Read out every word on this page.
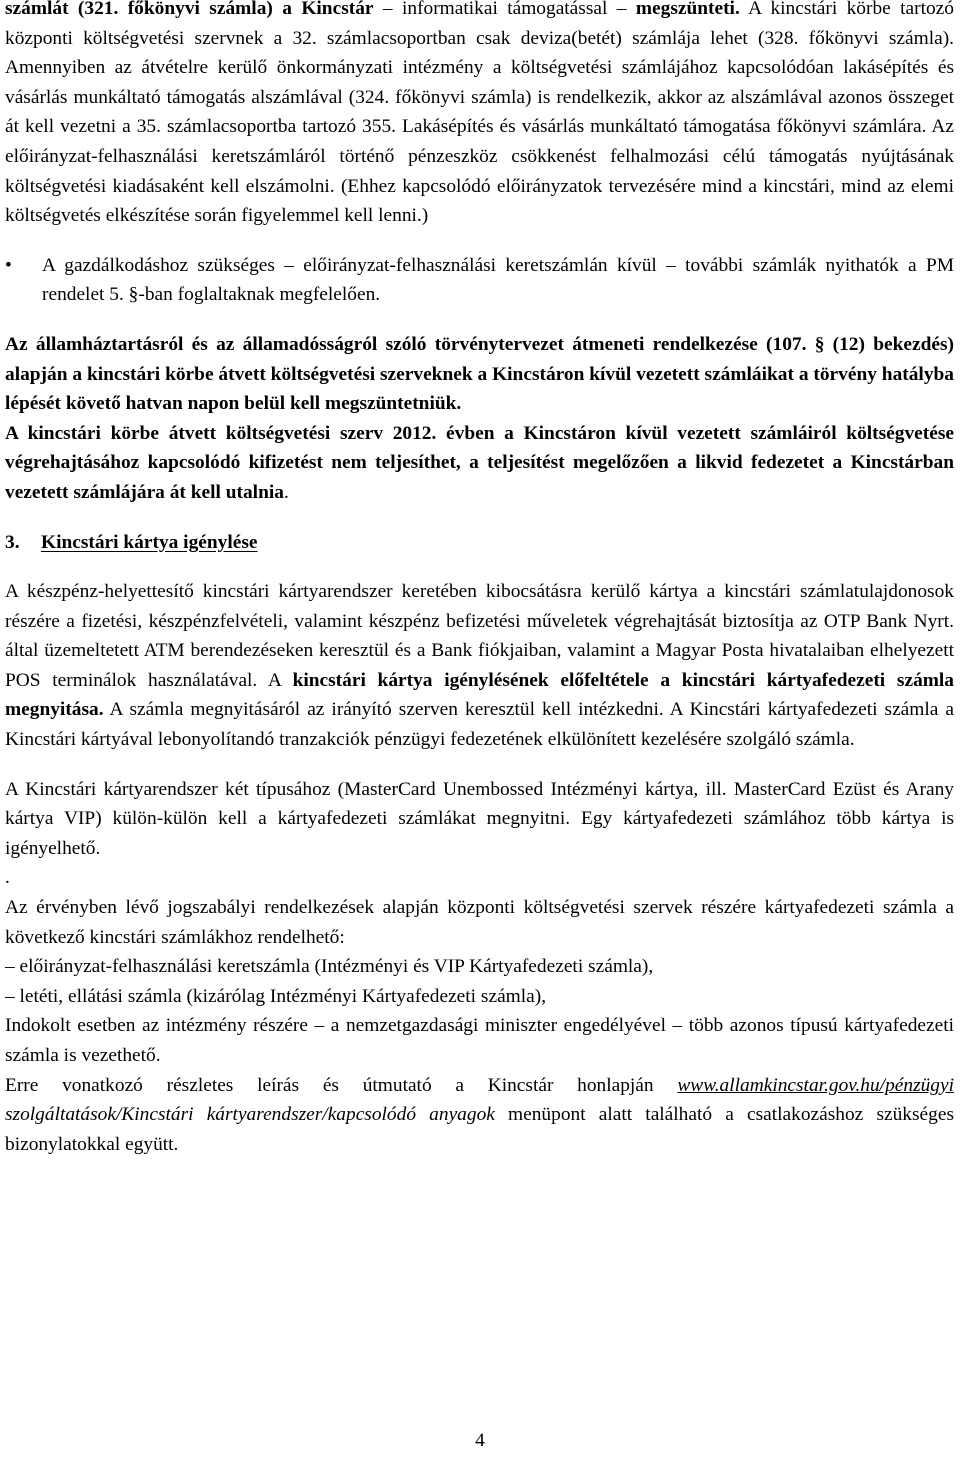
számlát (321. főkönyvi számla) a Kincstár – informatikai támogatással – megszünteti. A kincstári körbe tartozó központi költségvetési szervnek a 32. számlacsoportban csak deviza(betét) számlája lehet (328. főkönyvi számla). Amennyiben az átvételre kerülő önkormányzati intézmény a költségvetési számlájához kapcsolódóan lakásépítés és vásárlás munkáltató támogatás alszámlával (324. főkönyvi számla) is rendelkezik, akkor az alszámlával azonos összeget át kell vezetni a 35. számlacsoportba tartozó 355. Lakásépítés és vásárlás munkáltató támogatása főkönyvi számlára. Az előirányzat-felhasználási keretszámláról történő pénzeszköz csökkenést felhalmozási célú támogatás nyújtásának költségvetési kiadásaként kell elszámolni. (Ehhez kapcsolódó előirányzatok tervezésére mind a kincstári, mind az elemi költségvetés elkészítése során figyelemmel kell lenni.)

•	A gazdálkodáshoz szükséges – előirányzat-felhasználási keretszámlán kívül – további számlák nyithatók a PM rendelet 5. §-ban foglaltaknak megfelelően.

Az államháztartásról és az államadósságról szóló törvénytervezet átmeneti rendelkezése (107. § (12) bekezdés) alapján a kincstári körbe átvett költségvetési szerveknek a Kincstáron kívül vezetett számláikat a törvény hatályba lépését követő hatvan napon belül kell megszüntetniük.

A kincstári körbe átvett költségvetési szerv 2012. évben a Kincstáron kívül vezetett számláiról költségvetése végrehajtásához kapcsolódó kifizetést nem teljesíthet, a teljesítést megelőzően a likvid fedezetet a Kincstárban vezetett számlájára át kell utalnia.

3. Kincstári kártya igénylése

A készpénz-helyettesítő kincstári kártyarendszer keretében kibocsátásra kerülő kártya a kincstári számlatulajdonosok részére a fizetési, készpénzfelvételi, valamint készpénz befizetési műveletek végrehajtását biztosítja az OTP Bank Nyrt. által üzemeltetett ATM berendezéseken keresztül és a Bank fiókjaiban, valamint a Magyar Posta hivatalaiban elhelyezett POS terminálok használatával. A kincstári kártya igénylésének előfeltétele a kincstári kártyafedezeti számla megnyitása. A számla megnyitásáról az irányító szerven keresztül kell intézkedni. A Kincstári kártyafedezeti számla a Kincstári kártyával lebonyolítandó tranzakciók pénzügyi fedezetének elkülönített kezelésére szolgáló számla.

A Kincstári kártyarendszer két típusához (MasterCard Unembossed Intézményi kártya, ill. MasterCard Ezüst és Arany kártya VIP) külön-külön kell a kártyafedezeti számlákat megnyitni. Egy kártyafedezeti számlához több kártya is igényelhető.

.

Az érvényben lévő jogszabályi rendelkezések alapján központi költségvetési szervek részére kártyafedezeti számla a következő kincstári számlákhoz rendelhető:

– előirányzat-felhasználási keretszámla (Intézményi és VIP Kártyafedezeti számla),

– letéti, ellátási számla (kizárólag Intézményi Kártyafedezeti számla),

Indokolt esetben az intézmény részére – a nemzetgazdasági miniszter engedélyével – több azonos típusú kártyafedezeti számla is vezethető.

Erre vonatkozó részletes leírás és útmutató a Kincstár honlapján www.allamkincstar.gov.hu/pénzügyi szolgáltatások/Kincstári kártyarendszer/kapcsolódó anyagok menüpont alatt található a csatlakozáshoz szükséges bizonylatokkal együtt.

4
